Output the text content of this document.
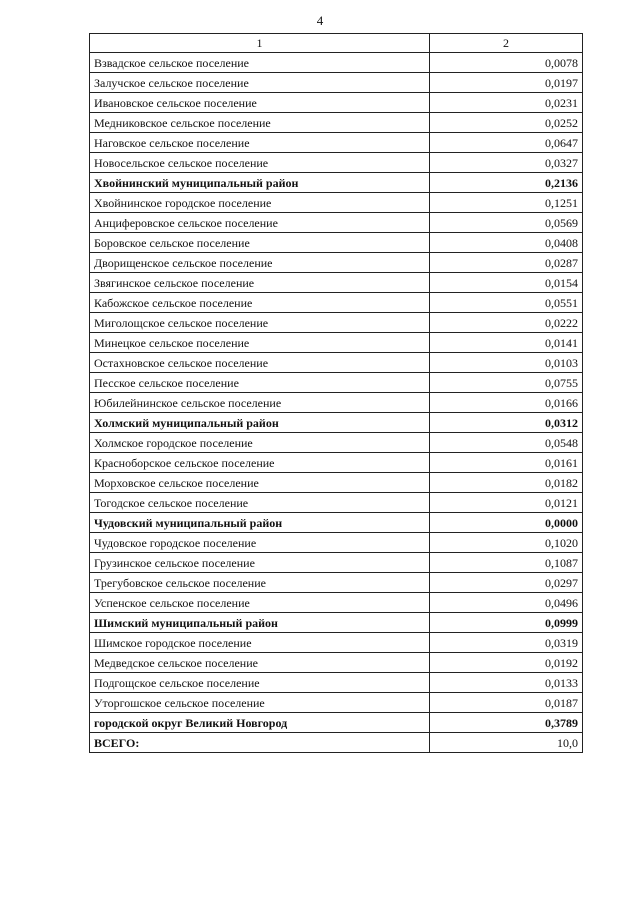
4
1	2
Взвадское сельское поселение	0,0078
Залучское сельское поселение	0,0197
Ивановское сельское поселение	0,0231
Медниковское сельское поселение	0,0252
Наговское сельское поселение	0,0647
Новосельское сельское поселение	0,0327
Хвойнинский муниципальный район	0,2136
Хвойнинское городское поселение	0,1251
Анциферовское сельское поселение	0,0569
Боровское сельское поселение	0,0408
Дворищенское сельское поселение	0,0287
Звягинское сельское поселение	0,0154
Кабожское сельское поселение	0,0551
Миголощское сельское поселение	0,0222
Минецкое сельское поселение	0,0141
Остахновское сельское поселение	0,0103
Песское сельское поселение	0,0755
Юбилейнинское сельское поселение	0,0166
Холмский муниципальный район	0,0312
Холмское городское поселение	0,0548
Красноборское сельское поселение	0,0161
Морховское сельское поселение	0,0182
Тогодское сельское поселение	0,0121
Чудовский муниципальный район	0,0000
Чудовское городское поселение	0,1020
Грузинское сельское поселение	0,1087
Трегубовское сельское поселение	0,0297
Успенское сельское поселение	0,0496
Шимский муниципальный район	0,0999
Шимское городское поселение	0,0319
Медведское сельское поселение	0,0192
Подгощское сельское поселение	0,0133
Уторгошское сельское поселение	0,0187
городской округ Великий Новгород	0,3789
ВСЕГО:	10,0
